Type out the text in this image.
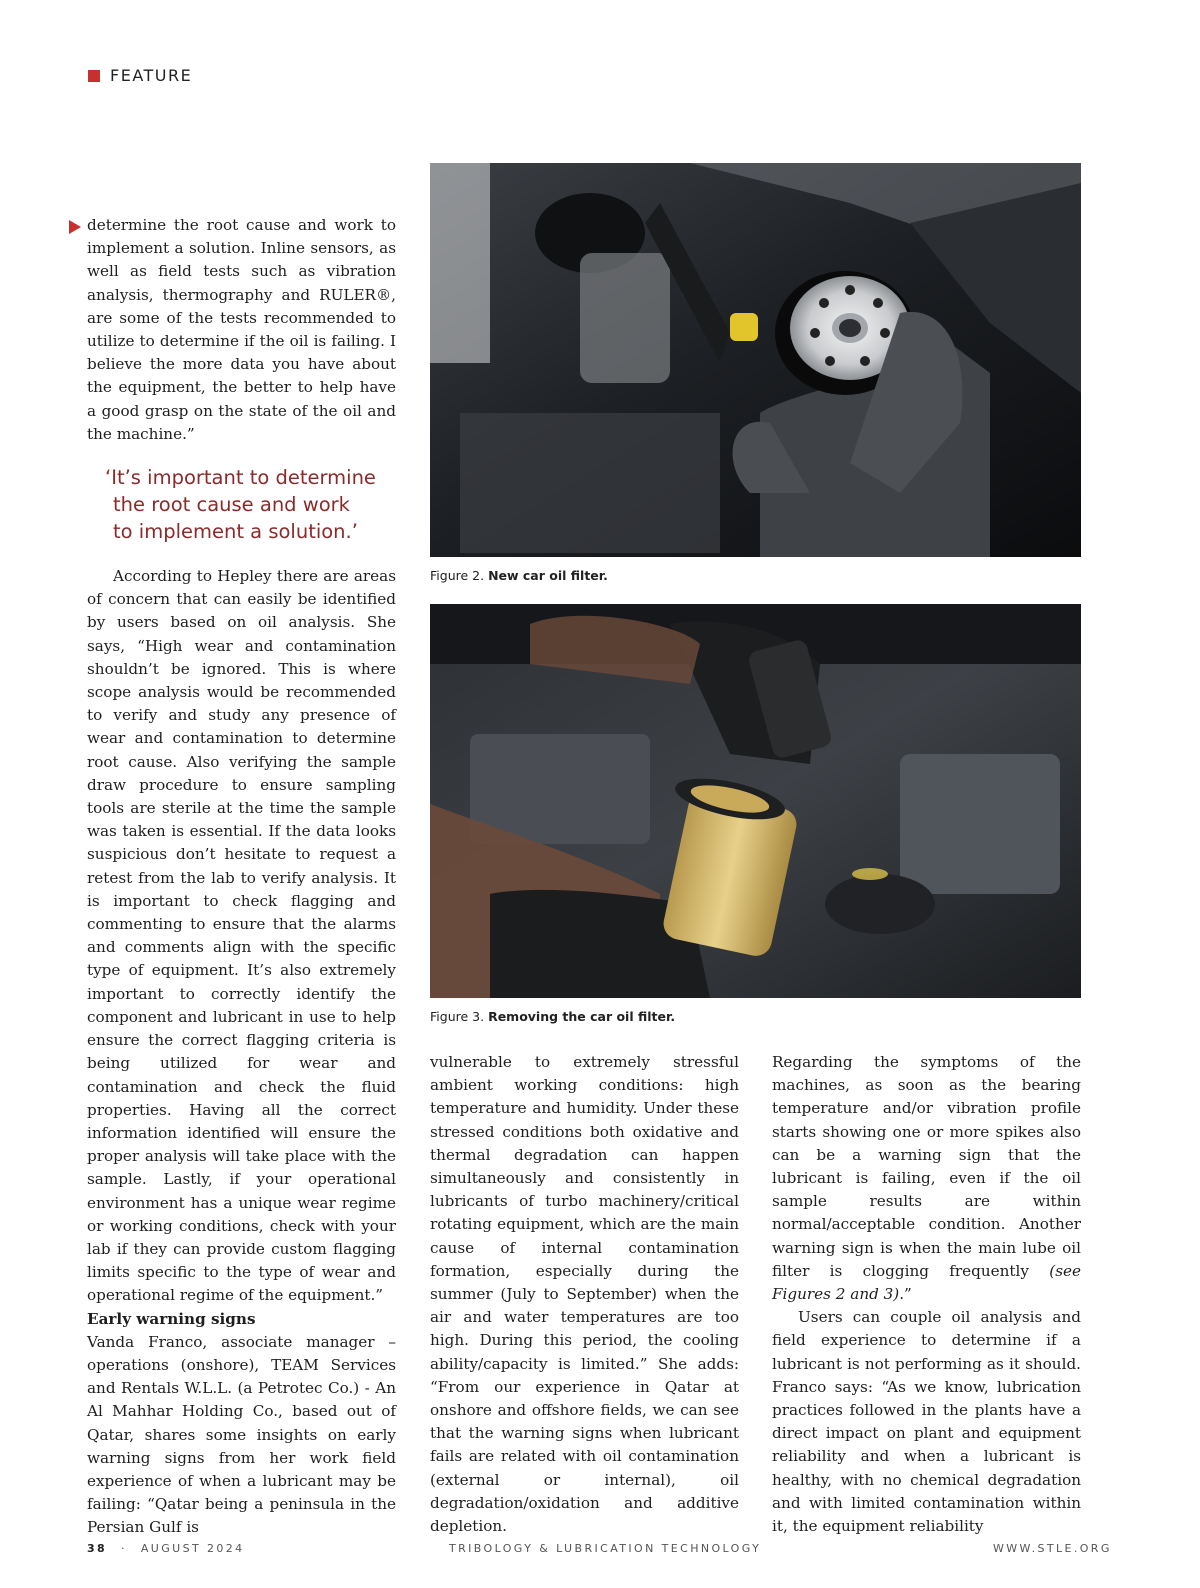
FEATURE

determine the root cause and work to implement a solution. Inline sensors, as well as field tests such as vibration analysis, thermography and RULER®, are some of the tests recommended to utilize to determine if the oil is failing. I believe the more data you have about the equipment, the better to help have a good grasp on the state of the oil and the machine.”

‘It’s important to determine
the root cause and work
to implement a solution.’

According to Hepley there are areas of concern that can easily be identified by users based on oil analysis. She says, “High wear and contamination shouldn’t be ignored. This is where scope analysis would be recommended to verify and study any presence of wear and contamination to determine root cause. Also verifying the sample draw procedure to ensure sampling tools are sterile at the time the sample was taken is essential. If the data looks suspicious don’t hesitate to request a retest from the lab to verify analysis. It is important to check flagging and commenting to ensure that the alarms and comments align with the specific type of equipment. It’s also extremely important to correctly identify the component and lubricant in use to help ensure the correct flagging criteria is being utilized for wear and contamination and check the fluid properties. Having all the correct information identified will ensure the proper analysis will take place with the sample. Lastly, if your operational environment has a unique wear regime or working conditions, check with your lab if they can provide custom flagging limits specific to the type of wear and operational regime of the equipment.”

Early warning signs

Vanda Franco, associate manager – operations (onshore), TEAM Services and Rentals W.L.L. (a Petrotec Co.) - An Al Mahhar Holding Co., based out of Qatar, shares some insights on early warning signs from her work field experience of when a lubricant may be failing: “Qatar being a peninsula in the Persian Gulf is

Figure 2. New car oil filter.
Figure 3. Removing the car oil filter.

vulnerable to extremely stressful ambient working conditions: high temperature and humidity. Under these stressed conditions both oxidative and thermal degradation can happen simultaneously and consistently in lubricants of turbo machinery/critical rotating equipment, which are the main cause of internal contamination formation, especially during the summer (July to September) when the air and water temperatures are too high. During this period, the cooling ability/capacity is limited.” She adds: “From our experience in Qatar at onshore and offshore fields, we can see that the warning signs when lubricant fails are related with oil contamination (external or internal), oil degradation/oxidation and additive depletion.

Regarding the symptoms of the machines, as soon as the bearing temperature and/or vibration profile starts showing one or more spikes also can be a warning sign that the lubricant is failing, even if the oil sample results are within normal/acceptable condition. Another warning sign is when the main lube oil filter is clogging frequently (see Figures 2 and 3).”

Users can couple oil analysis and field experience to determine if a lubricant is not performing as it should. Franco says: “As we know, lubrication practices followed in the plants have a direct impact on plant and equipment reliability and when a lubricant is healthy, with no chemical degradation and with limited contamination within it, the equipment reliability

38 · AUGUST 2024	TRIBOLOGY & LUBRICATION TECHNOLOGY	WWW.STLE.ORG
